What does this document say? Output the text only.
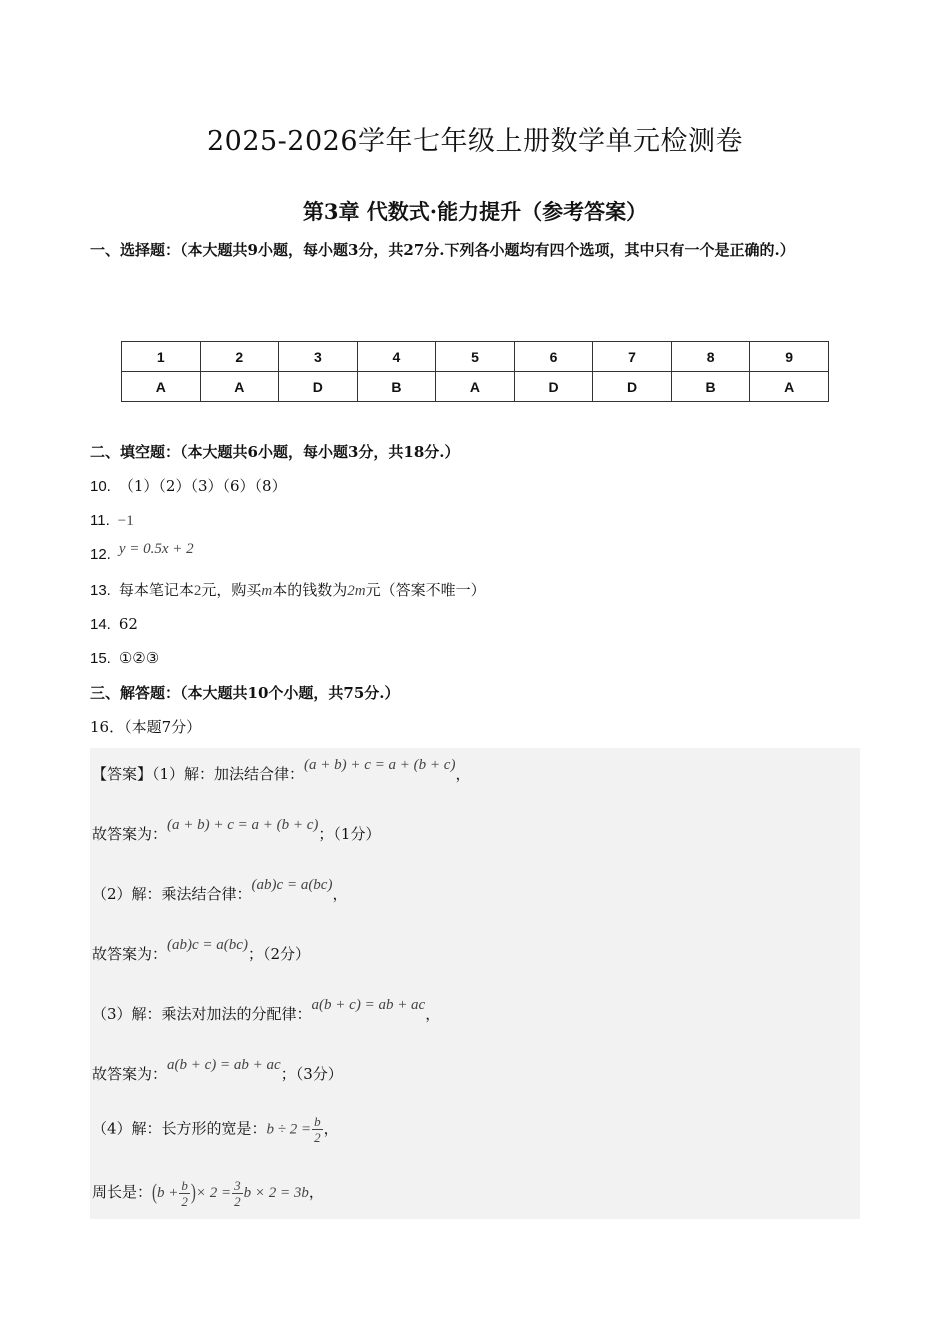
2025-2026学年七年级上册数学单元检测卷
第3章 代数式·能力提升（参考答案）
一、选择题：（本大题共9小题，每小题3分，共27分.下列各小题均有四个选项，其中只有一个是正确的.）
1	2	3	4	5	6	7	8	9
A	A	D	B	A	D	D	B	A
二、填空题：（本大题共6小题，每小题3分，共18分.）
10. （1）（2）（3）（6）（8）
11. −1
12. y = 0.5x + 2
13. 每本笔记本2元，购买m本的钱数为2m元（答案不唯一）
14. 62
15. ①②③
三、解答题：（本大题共10个小题，共75分.）
16．（本题7分）
【答案】（1）解：加法结合律：(a + b) + c = a + (b + c)，
故答案为：(a + b) + c = a + (b + c)；（1分）
（2）解：乘法结合律：(ab)c = a(bc)，
故答案为：(ab)c = a(bc)；（2分）
（3）解：乘法对加法的分配律：a(b + c) = ab + ac，
故答案为：a(b + c) = ab + ac；（3分）
（4）解：长方形的宽是：$b \div 2 = \frac{b}{2}$ ，
周长是：($b + \frac{b}{2}$ )× $2 = \frac{3}{2}$ b × 2 = 3b，
